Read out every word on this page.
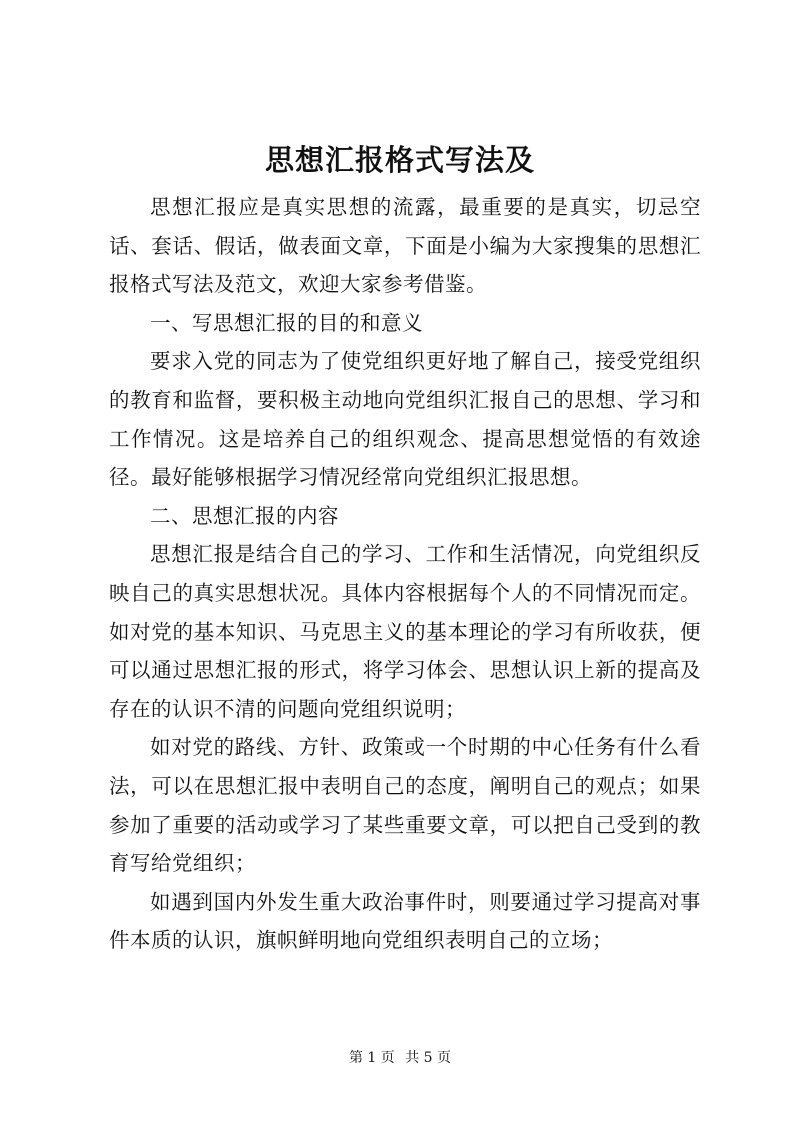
思想汇报格式写法及

思想汇报应是真实思想的流露，最重要的是真实，切忌空话、套话、假话，做表面文章，下面是小编为大家搜集的思想汇报格式写法及范文，欢迎大家参考借鉴。

一、写思想汇报的目的和意义

要求入党的同志为了使党组织更好地了解自己，接受党组织的教育和监督，要积极主动地向党组织汇报自己的思想、学习和工作情况。这是培养自己的组织观念、提高思想觉悟的有效途径。最好能够根据学习情况经常向党组织汇报思想。

二、思想汇报的内容

思想汇报是结合自己的学习、工作和生活情况，向党组织反映自己的真实思想状况。具体内容根据每个人的不同情况而定。如对党的基本知识、马克思主义的基本理论的学习有所收获，便可以通过思想汇报的形式，将学习体会、思想认识上新的提高及存在的认识不清的问题向党组织说明；

如对党的路线、方针、政策或一个时期的中心任务有什么看法，可以在思想汇报中表明自己的态度，阐明自己的观点；如果参加了重要的活动或学习了某些重要文章，可以把自己受到的教育写给党组织；

如遇到国内外发生重大政治事件时，则要通过学习提高对事件本质的认识，旗帜鲜明地向党组织表明自己的立场；

第 1 页 共 5 页
